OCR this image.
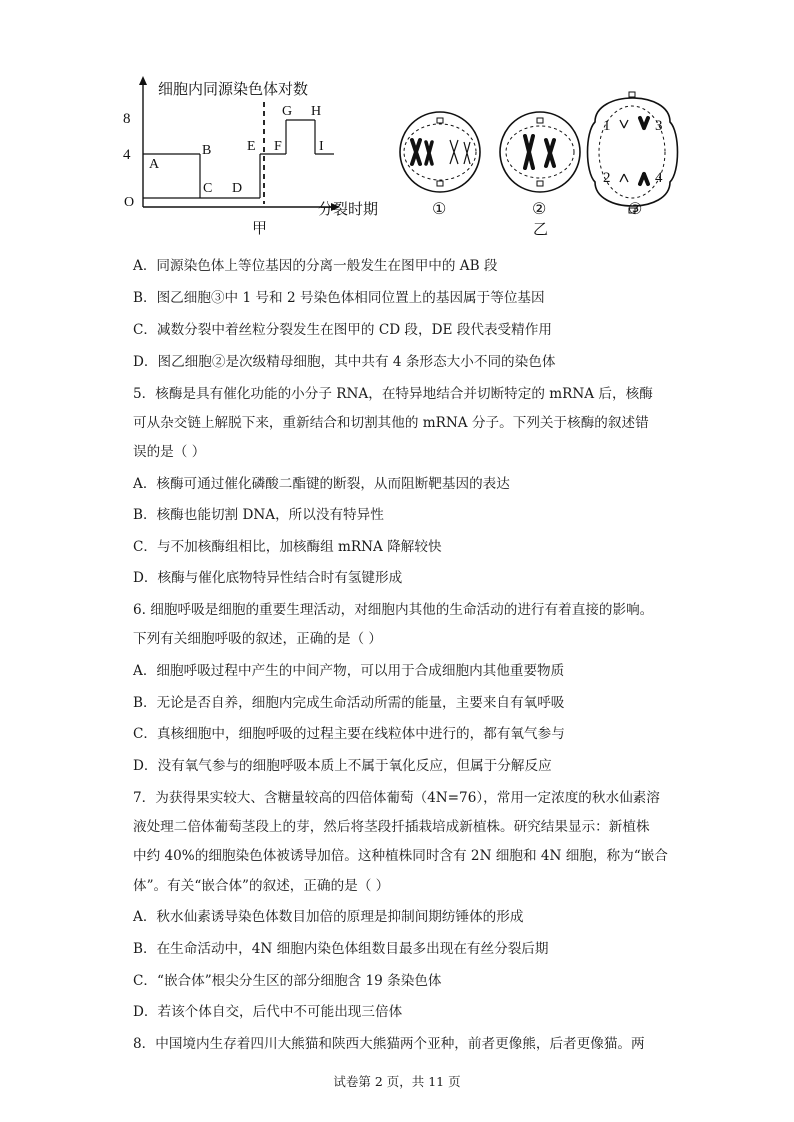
细胞内同源染色体对数
分裂时期
8
4
O
A
B
C D
E F
G H
I
甲
①	②
乙
1
2
3
4
③
A．同源染色体上等位基因的分离一般发生在图甲中的 AB 段
B．图乙细胞③中 1 号和 2 号染色体相同位置上的基因属于等位基因
C．减数分裂中着丝粒分裂发生在图甲的 CD 段，DE 段代表受精作用
D．图乙细胞②是次级精母细胞，其中共有 4 条形态大小不同的染色体
5．核酶是具有催化功能的小分子 RNA，在特异地结合并切断特定的 mRNA 后，核酶
可从杂交链上解脱下来，重新结合和切割其他的 mRNA 分子。下列关于核酶的叙述错
误的是（ ）
A．核酶可通过催化磷酸二酯键的断裂，从而阻断靶基因的表达
B．核酶也能切割 DNA，所以没有特异性
C．与不加核酶组相比，加核酶组 mRNA 降解较快
D．核酶与催化底物特异性结合时有氢键形成
6. 细胞呼吸是细胞的重要生理活动，对细胞内其他的生命活动的进行有着直接的影响。
下列有关细胞呼吸的叙述，正确的是（ ）
A．细胞呼吸过程中产生的中间产物，可以用于合成细胞内其他重要物质
B．无论是否自养，细胞内完成生命活动所需的能量，主要来自有氧呼吸
C．真核细胞中，细胞呼吸的过程主要在线粒体中进行的，都有氧气参与
D．没有氧气参与的细胞呼吸本质上不属于氧化反应，但属于分解反应
7．为获得果实较大、含糖量较高的四倍体葡萄（4N=76），常用一定浓度的秋水仙素溶
液处理二倍体葡萄茎段上的芽，然后将茎段扦插栽培成新植株。研究结果显示：新植株
中约 40%的细胞染色体被诱导加倍。这种植株同时含有 2N 细胞和 4N 细胞，称为“嵌合
体”。有关“嵌合体”的叙述，正确的是（ ）
A．秋水仙素诱导染色体数目加倍的原理是抑制间期纺锤体的形成
B．在生命活动中，4N 细胞内染色体组数目最多出现在有丝分裂后期
C．“嵌合体”根尖分生区的部分细胞含 19 条染色体
D．若该个体自交，后代中不可能出现三倍体
8．中国境内生存着四川大熊猫和陕西大熊猫两个亚种，前者更像熊，后者更像猫。两
试卷第 2 页，共 11 页
